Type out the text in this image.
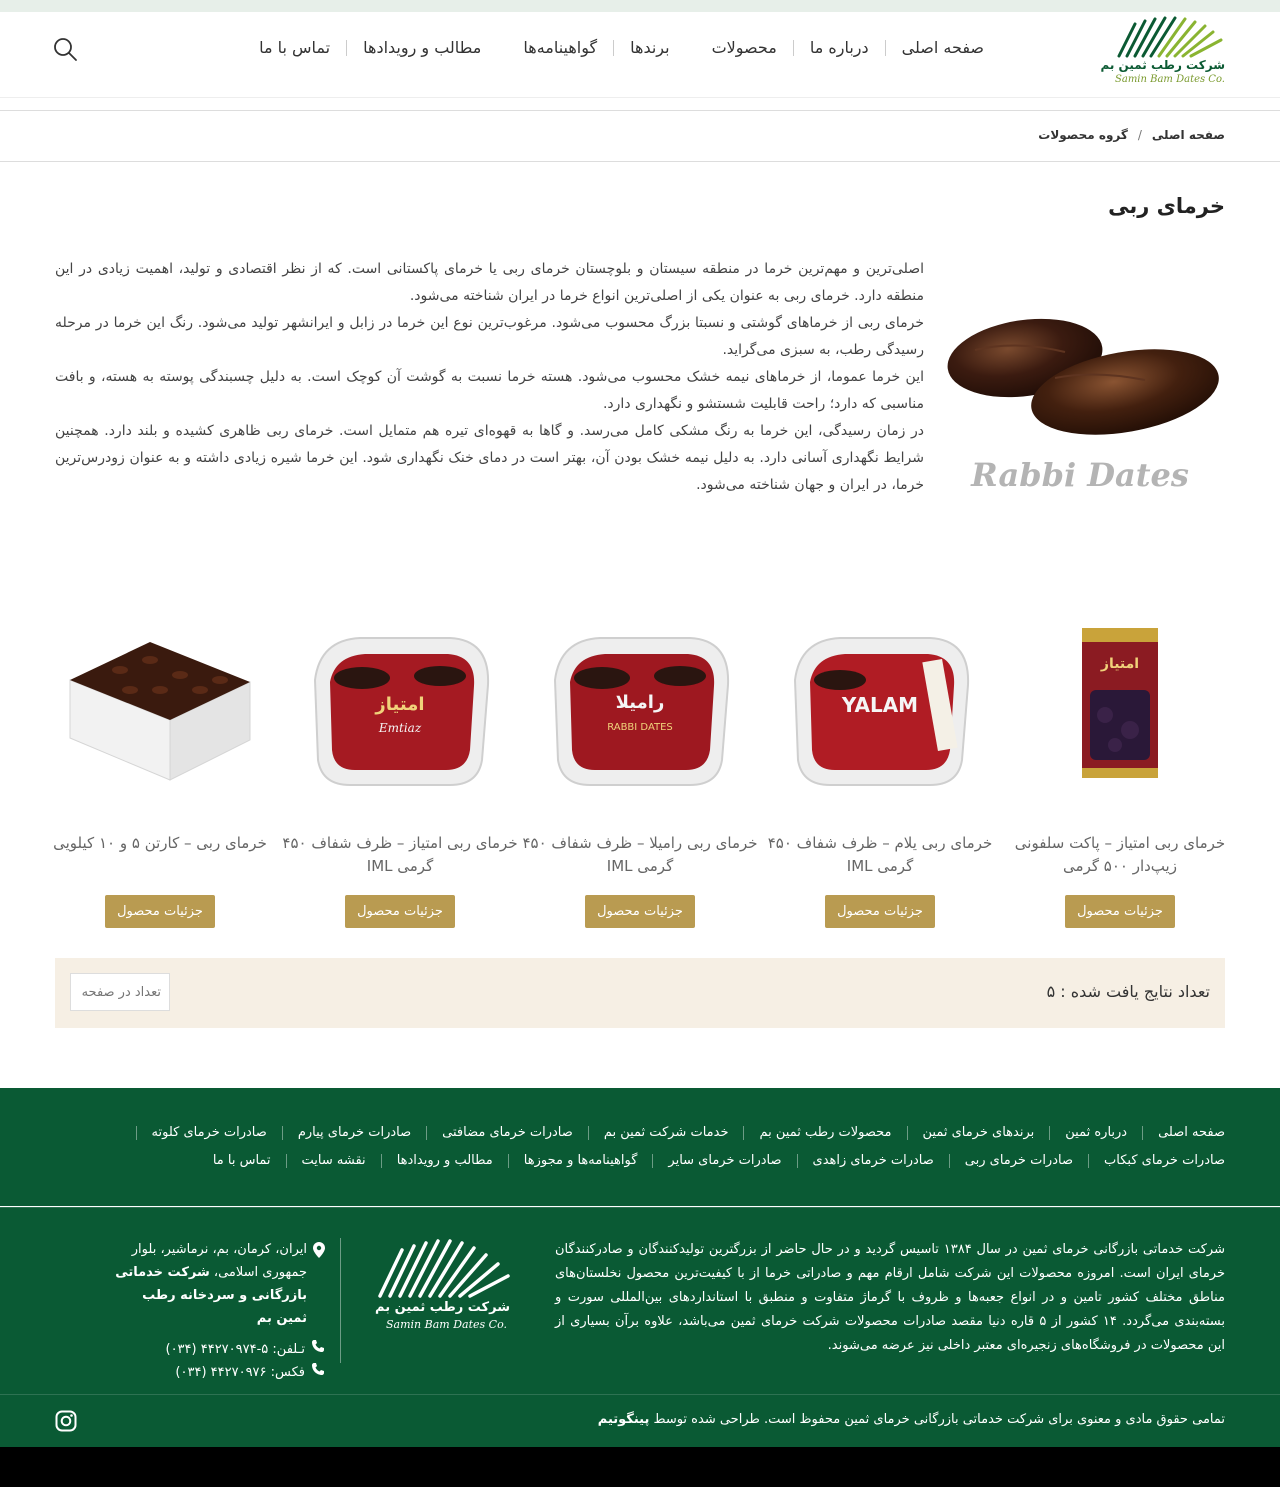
شرکت رطب ثمین بم
Samin Bam Dates Co.
صفحه اصلی
درباره ما
محصولات
برندها
گواهینامه‌ها
مطالب و رویدادها
تماس با ما
صفحه اصلی
/
گروه محصولات
خرمای ربی
Rabbi Dates

اصلی‌ترین و مهم‌ترین خرما در منطقه سیستان و بلوچستان خرمای ربی یا خرمای پاکستانی است. که از نظر اقتصادی و تولید، اهمیت زیادی در این منطقه دارد. خرمای ربی به عنوان یکی از اصلی‌ترین انواع خرما در ایران شناخته می‌شود.

خرمای ربی از خرماهای گوشتی و نسبتا بزرگ محسوب می‌شود. مرغوب‌ترین نوع این خرما در زابل و ایرانشهر تولید می‌شود. رنگ این خرما در مرحله رسیدگی رطب، به سبزی می‌گراید.

این خرما عموما، از خرماهای نیمه خشک محسوب می‌شود. هسته خرما نسبت به گوشت آن کوچک است. به دلیل چسبندگی پوسته به هسته، و بافت مناسبی که دارد؛ راحت قابلیت شستشو و نگهداری دارد.

در زمان رسیدگی، این خرما به رنگ مشکی کامل می‌رسد. و گاها به قهوه‌ای تیره هم متمایل است. خرمای ربی ظاهری کشیده و بلند دارد. همچنین شرایط نگهداری آسانی دارد. به دلیل نیمه خشک بودن آن، بهتر است در دمای خنک نگهداری شود. این خرما شیره زیادی داشته و به عنوان زودرس‌ترین خرما، در ایران و جهان شناخته می‌شود.

امتیاز
خرمای ربی امتیاز – پاکت سلفونی زیپ‌دار ۵۰۰ گرمی
جزئیات محصول
YALAM
خرمای ربی یلام – ظرف شفاف ۴۵۰ گرمی IML
جزئیات محصول
رامیلا
RABBI DATES
خرمای ربی رامیلا – ظرف شفاف ۴۵۰ گرمی IML
جزئیات محصول
امتیاز
Emtiaz
خرمای ربی امتیاز – ظرف شفاف ۴۵۰ گرمی IML
جزئیات محصول
خرمای ربی – کارتن ۵ و ۱۰ کیلویی
جزئیات محصول
تعداد نتایج یافت شده : ۵
تعداد در صفحه
صفحه اصلی
درباره ثمین
برندهای خرمای ثمین
محصولات رطب ثمین بم
خدمات شرکت ثمین بم
صادرات خرمای مضافتی
صادرات خرمای پیارم
صادرات خرمای کلوته
صادرات خرمای کبکاب
صادرات خرمای ربی
صادرات خرمای زاهدی
صادرات خرمای سایر
گواهینامه‌ها و مجوزها
مطالب و رویدادها
نقشه سایت
تماس با ما

شرکت خدماتی بازرگانی خرمای ثمین در سال ۱۳۸۴ تاسیس گردید و در حال حاضر از بزرگترین تولیدکنندگان و صادرکنندگان خرمای ایران است. امروزه محصولات این شرکت شامل ارقام مهم و صادراتی خرما از با کیفیت‌ترین محصول نخلستان‌های مناطق مختلف کشور تامین و در انواع جعبه‌ها و ظروف با گرماژ متفاوت و منطبق با استانداردهای بین‌المللی سورت و بسته‌بندی می‌گردد. ۱۴ کشور از ۵ قاره دنیا مقصد صادرات محصولات شرکت خرمای ثمین می‌باشد، علاوه برآن بسیاری از این محصولات در فروشگاه‌های زنجیره‌ای معتبر داخلی نیز عرضه می‌شوند.

شرکت رطب ثمین بم
Samin Bam Dates Co.
ایران، کرمان، بم، نرماشیر، بلوار جمهوری اسلامی، شرکت خدماتی بازرگانی و سردخانه رطب ثمین بم
تـلفن: ۵-۴۴۲۷۰۹۷۴ (۰۳۴)
فکس: ۴۴۲۷۰۹۷۶ (۰۳۴)
تمامی حقوق مادی و معنوی برای شرکت خدماتی بازرگانی خرمای ثمین محفوظ است. طراحی شده توسط پینگوتیم
